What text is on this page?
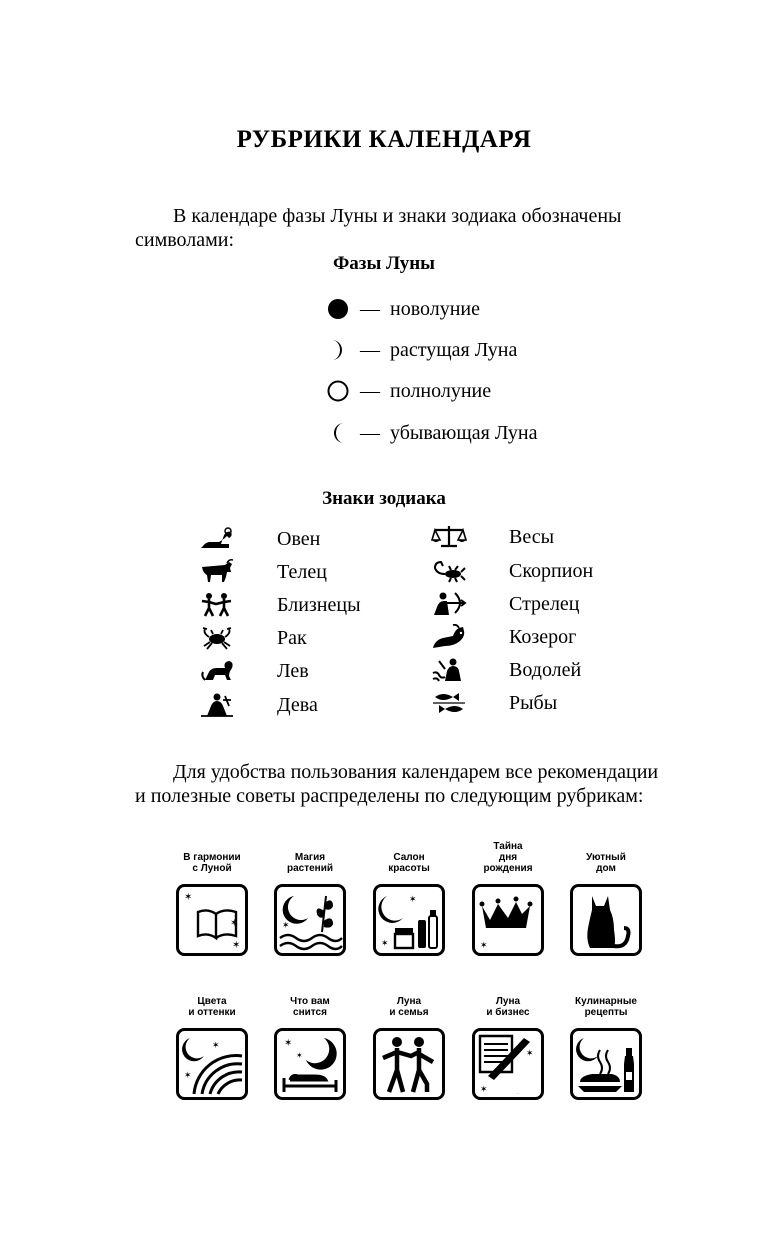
РУБРИКИ КАЛЕНДАРЯ
В календаре фазы Луны и знаки зодиака обозначены
символами:
Фазы Луны
— новолуние
— растущая Луна
— полнолуние
— убывающая Луна
Знаки зодиака
Овен
Телец
Близнецы
Рак
Лев
Дева
Весы
Скорпион
Стрелец
Козерог
Водолей
Рыбы
Для удобства пользования календарем все рекомендации
и полезные советы распределены по следующим рубрикам:
В гармонии
с Луной
✶
✶
✶
Магия
растений
✶
Салон
красоты
✶
✶
Тайна
дня
рождения
✶
Уютный
дом
Цвета
и оттенки
✶
✶
Что вам
снится
✶
✶
Луна
и семья
Луна
и бизнес
✶
✶
Кулинарные
рецепты
